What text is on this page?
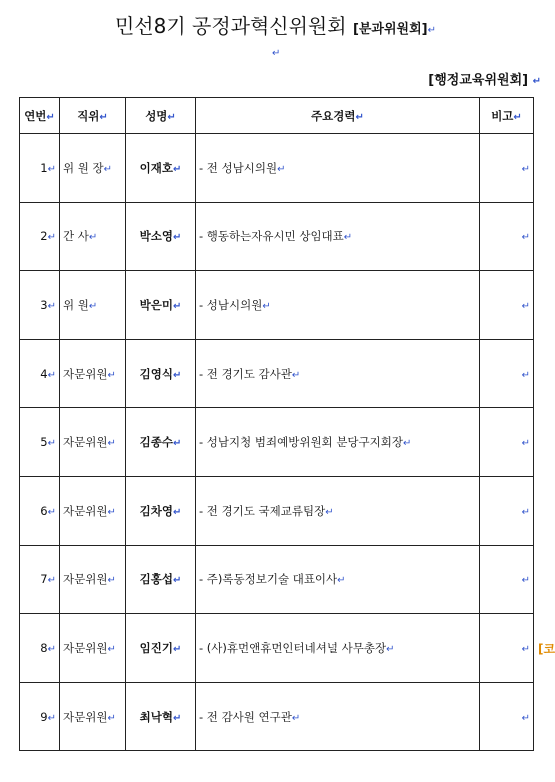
민선8기 공정과혁신위원회 [분과위원회]↵
↵
[행정교육위원회] ↵
연번↵	직위↵	성명↵	주요경력↵	비고↵
1↵	위 원 장↵	이재호↵	- 전 성남시의원↵	↵
2↵	간 사↵	박소영↵	- 행동하는자유시민 상임대표↵	↵
3↵	위 원↵	박은미↵	- 성남시의원↵	↵
4↵	자문위원↵	김영식↵	- 전 경기도 감사관↵	↵
5↵	자문위원↵	김종수↵	- 성남지청 범죄예방위원회 분당구지회장↵	↵
6↵	자문위원↵	김차영↵	- 전 경기도 국제교류팀장↵	↵
7↵	자문위원↵	김홍섭↵	- 주)록동정보기술 대표이사↵	↵
8↵	자문위원↵	임진기↵	- (사)휴먼앤휴먼인터네셔널 사무총장↵	↵
9↵	자문위원↵	최낙혁↵	- 전 감사원 연구관↵	↵
[코
